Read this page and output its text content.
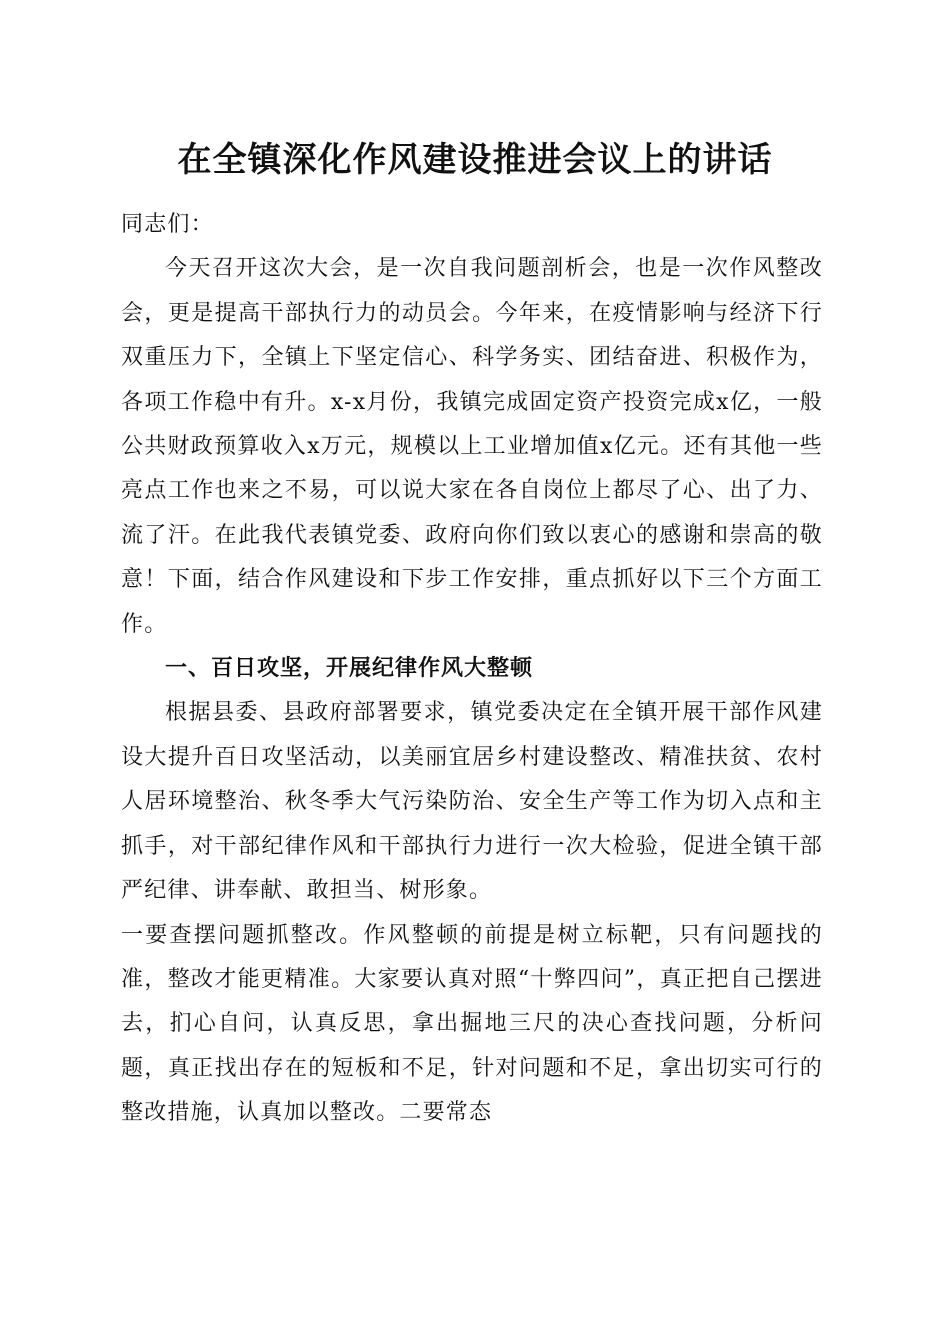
在全镇深化作风建设推进会议上的讲话

同志们：

今天召开这次大会，是一次自我问题剖析会，也是一次作风整改会，更是提高干部执行力的动员会。今年来，在疫情影响与经济下行双重压力下，全镇上下坚定信心、科学务实、团结奋进、积极作为，各项工作稳中有升。x-x月份，我镇完成固定资产投资完成x亿，一般公共财政预算收入x万元，规模以上工业增加值x亿元。还有其他一些亮点工作也来之不易，可以说大家在各自岗位上都尽了心、出了力、流了汗。在此我代表镇党委、政府向你们致以衷心的感谢和崇高的敬意！下面，结合作风建设和下步工作安排，重点抓好以下三个方面工作。

一、百日攻坚，开展纪律作风大整顿

根据县委、县政府部署要求，镇党委决定在全镇开展干部作风建设大提升百日攻坚活动，以美丽宜居乡村建设整改、精准扶贫、农村人居环境整治、秋冬季大气污染防治、安全生产等工作为切入点和主抓手，对干部纪律作风和干部执行力进行一次大检验，促进全镇干部严纪律、讲奉献、敢担当、树形象。

一要查摆问题抓整改。作风整顿的前提是树立标靶，只有问题找的准，整改才能更精准。大家要认真对照“十弊四问”，真正把自己摆进去，扪心自问，认真反思，拿出掘地三尺的决心查找问题，分析问题，真正找出存在的短板和不足，针对问题和不足，拿出切实可行的整改措施，认真加以整改。二要常态
